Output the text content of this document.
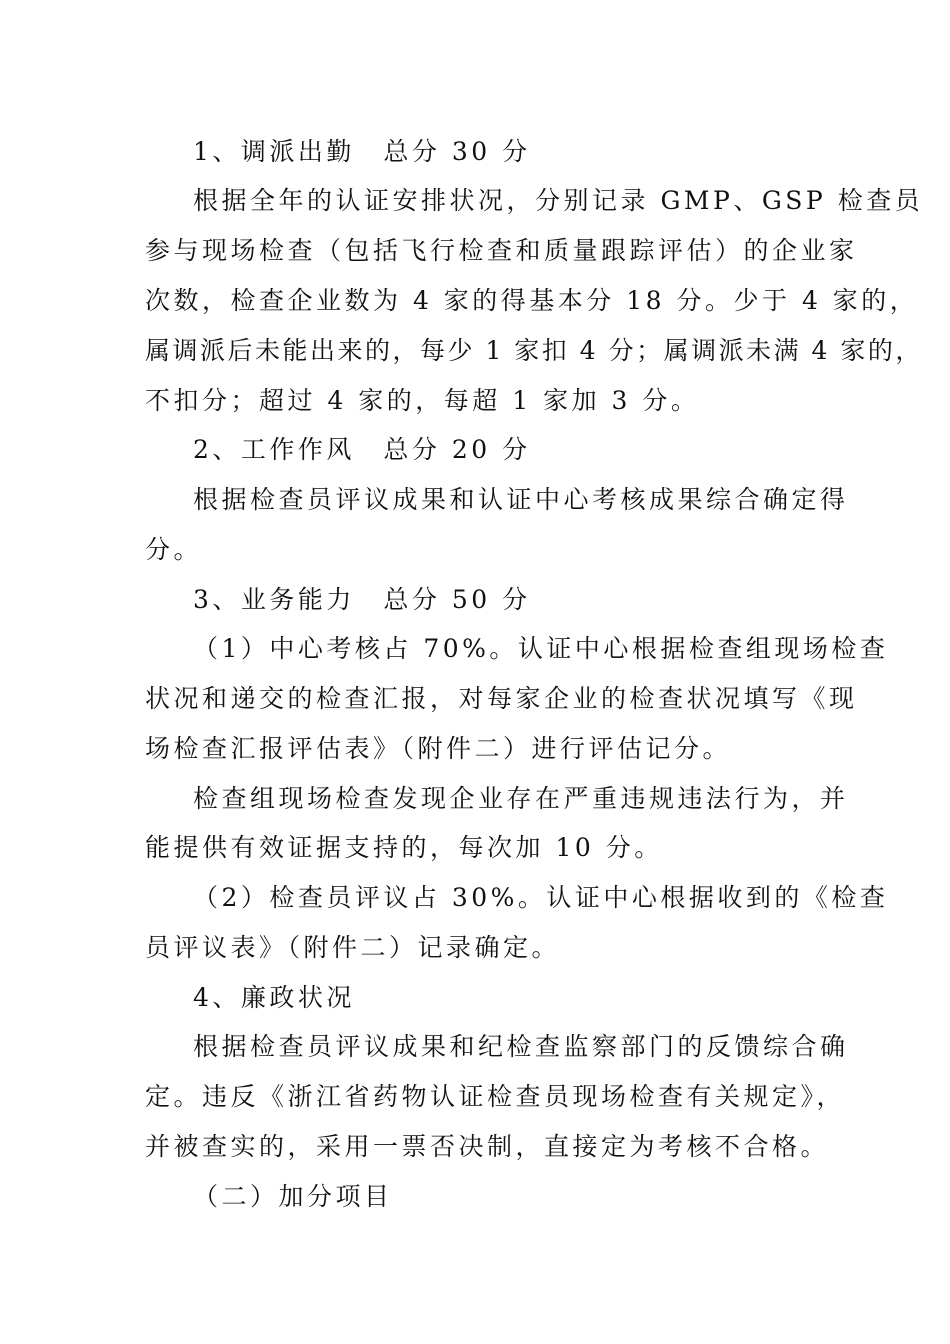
1、调派出勤　总分 30 分
根据全年的认证安排状况，分别记录 GMP、GSP 检查员
参与现场检查（包括飞行检查和质量跟踪评估）的企业家
次数，检查企业数为 4 家的得基本分 18 分。少于 4 家的，
属调派后未能出来的，每少 1 家扣 4 分；属调派未满 4 家的，
不扣分；超过 4 家的，每超 1 家加 3 分。
2、工作作风　总分 20 分
根据检查员评议成果和认证中心考核成果综合确定得
分。
3、业务能力　总分 50 分
（1）中心考核占 70%。认证中心根据检查组现场检查
状况和递交的检查汇报，对每家企业的检查状况填写《现
场检查汇报评估表》（附件二）进行评估记分。
检查组现场检查发现企业存在严重违规违法行为，并
能提供有效证据支持的，每次加 10 分。
（2）检查员评议占 30%。认证中心根据收到的《检查
员评议表》（附件二）记录确定。
4、廉政状况
根据检查员评议成果和纪检查监察部门的反馈综合确
定。违反《浙江省药物认证检查员现场检查有关规定》，
并被查实的，采用一票否决制，直接定为考核不合格。
（二）加分项目
